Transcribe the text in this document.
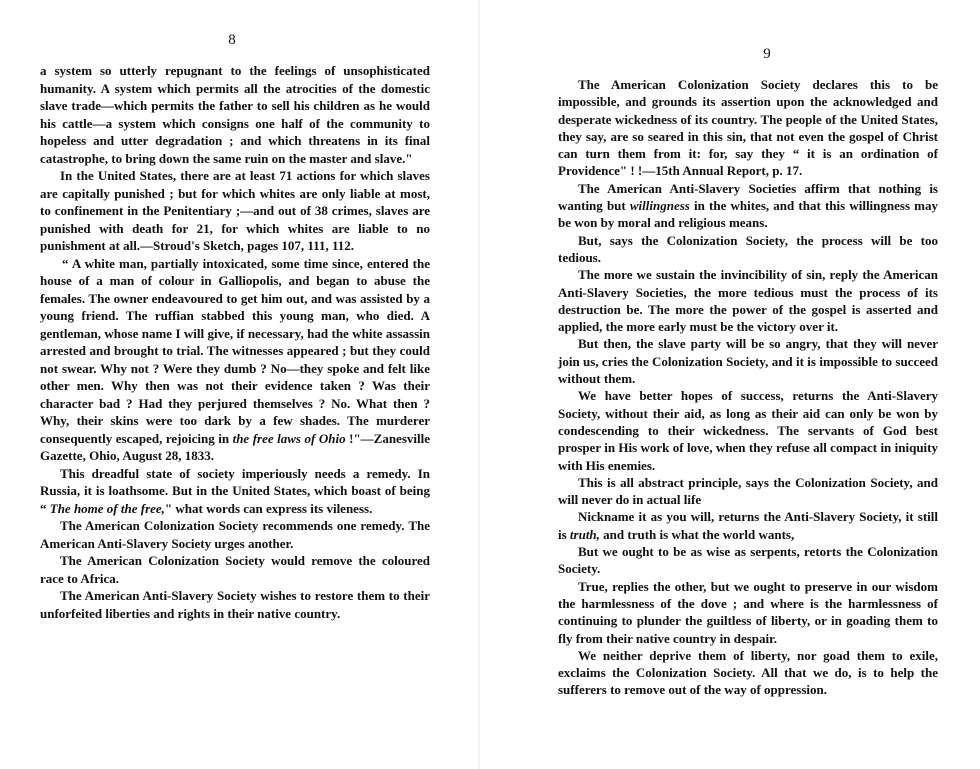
8

a system so utterly repugnant to the feelings of unsophisticated humanity. A system which permits all the atrocities of the domestic slave trade—which permits the father to sell his children as he would his cattle—a system which consigns one half of the community to hopeless and utter degradation ; and which threatens in its final catastrophe, to bring down the same ruin on the master and slave."

In the United States, there are at least 71 actions for which slaves are capitally punished ; but for which whites are only liable at most, to confinement in the Penitentiary ;—and out of 38 crimes, slaves are punished with death for 21, for which whites are liable to no punishment at all.—Stroud's Sketch, pages 107, 111, 112.

“ A white man, partially intoxicated, some time since, entered the house of a man of colour in Galliopolis, and began to abuse the females. The owner endeavoured to get him out, and was assisted by a young friend. The ruffian stabbed this young man, who died. A gentleman, whose name I will give, if necessary, had the white assassin arrested and brought to trial. The witnesses appeared ; but they could not swear. Why not ? Were they dumb ? No—they spoke and felt like other men. Why then was not their evidence taken ? Was their character bad ? Had they perjured themselves ? No. What then ? Why, their skins were too dark by a few shades. The murderer consequently escaped, rejoicing in the free laws of Ohio !"—Zanesville Gazette, Ohio, August 28, 1833.

This dreadful state of society imperiously needs a remedy. In Russia, it is loathsome. But in the United States, which boast of being “ The home of the free," what words can express its vileness.

The American Colonization Society recommends one remedy. The American Anti-Slavery Society urges another.

The American Colonization Society would remove the coloured race to Africa.

The American Anti-Slavery Society wishes to restore them to their unforfeited liberties and rights in their native country.

9

The American Colonization Society declares this to be impossible, and grounds its assertion upon the acknowledged and desperate wickedness of its country. The people of the United States, they say, are so seared in this sin, that not even the gospel of Christ can turn them from it: for, say they “ it is an ordination of Providence" ! !—15th Annual Report, p. 17.

The American Anti-Slavery Societies affirm that nothing is wanting but willingness in the whites, and that this willingness may be won by moral and religious means.

But, says the Colonization Society, the process will be too tedious.

The more we sustain the invincibility of sin, reply the American Anti-Slavery Societies, the more tedious must the process of its destruction be. The more the power of the gospel is asserted and applied, the more early must be the victory over it.

But then, the slave party will be so angry, that they will never join us, cries the Colonization Society, and it is impossible to succeed without them.

We have better hopes of success, returns the Anti-Slavery Society, without their aid, as long as their aid can only be won by condescending to their wickedness. The servants of God best prosper in His work of love, when they refuse all compact in iniquity with His enemies.

This is all abstract principle, says the Colonization Society, and will never do in actual life

Nickname it as you will, returns the Anti-Slavery Society, it still is truth, and truth is what the world wants,

But we ought to be as wise as serpents, retorts the Colonization Society.

True, replies the other, but we ought to preserve in our wisdom the harmlessness of the dove ; and where is the harmlessness of continuing to plunder the guiltless of liberty, or in goading them to fly from their native country in despair.

We neither deprive them of liberty, nor goad them to exile, exclaims the Colonization Society. All that we do, is to help the sufferers to remove out of the way of oppression.
